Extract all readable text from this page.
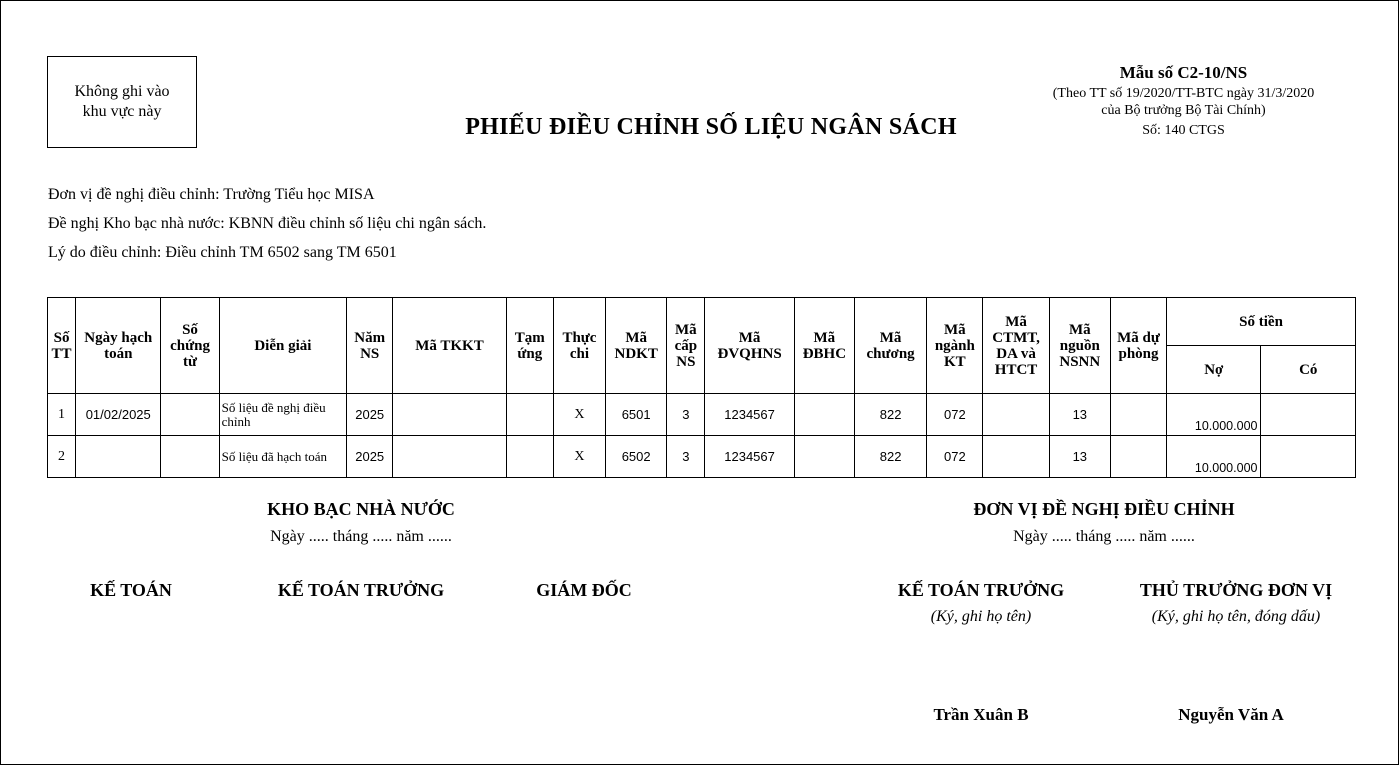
Không ghi vào khu vực này
Mẫu số C2-10/NS
(Theo TT số 19/2020/TT-BTC ngày 31/3/2020
của Bộ trưởng Bộ Tài Chính)
Số: 140 CTGS
PHIẾU ĐIỀU CHỈNH SỐ LIỆU NGÂN SÁCH
Đơn vị đề nghị điều chỉnh: Trường Tiểu học MISA
Đề nghị Kho bạc nhà nước: KBNN điều chỉnh số liệu chi ngân sách.
Lý do điều chỉnh: Điều chỉnh TM 6502 sang TM 6501
Số TT	Ngày hạch toán	Số chứng từ	Diễn giải	Năm NS	Mã TKKT	Tạm ứng	Thực chi	Mã NDKT	Mã cấp NS	Mã ĐVQHNS	Mã ĐBHC	Mã chương	Mã ngành KT	Mã CTMT, DA và HTCT	Mã nguồn NSNN	Mã dự phòng	Số tiền	
																	Nợ	Có
1	01/02/2025		Số liệu đề nghị điều chỉnh	2025			X	6501	3	1234567		822	072		13		10.000.000	
2			Số liệu đã hạch toán	2025			X	6502	3	1234567		822	072		13		10.000.000	
KHO BẠC NHÀ NƯỚC
Ngày ..... tháng ..... năm ......
KẾ TOÁN	KẾ TOÁN TRƯỞNG	GIÁM ĐỐC
ĐƠN VỊ ĐỀ NGHỊ ĐIỀU CHỈNH
Ngày ..... tháng ..... năm ......
KẾ TOÁN TRƯỞNG
(Ký, ghi họ tên)
Trần Xuân B
THỦ TRƯỞNG ĐƠN VỊ
(Ký, ghi họ tên, đóng dấu)
Nguyễn Văn A
